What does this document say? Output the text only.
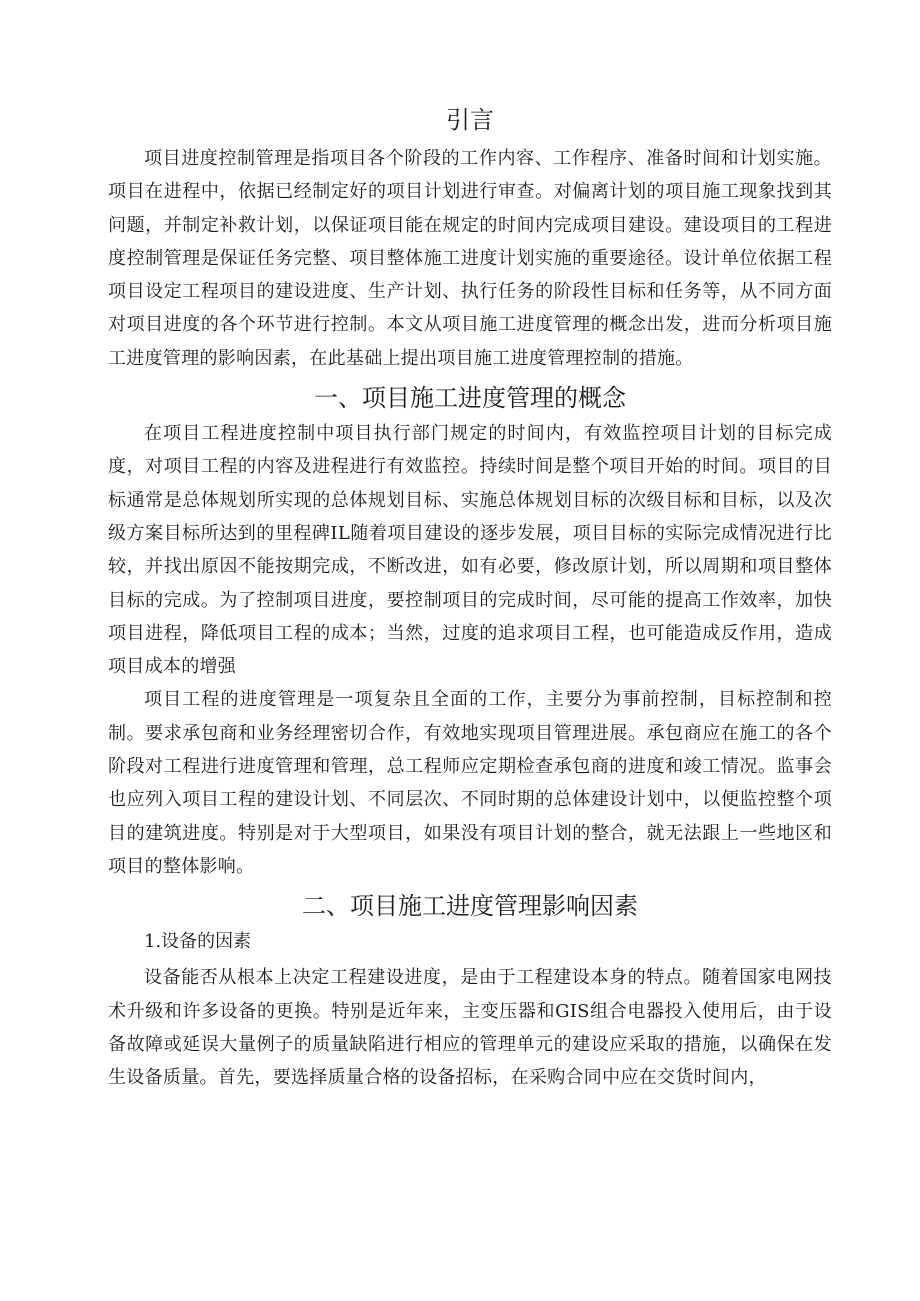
引言

项目进度控制管理是指项目各个阶段的工作内容、工作程序、准备时间和计划实施。项目在进程中，依据已经制定好的项目计划进行审查。对偏离计划的项目施工现象找到其问题，并制定补救计划，以保证项目能在规定的时间内完成项目建设。建设项目的工程进度控制管理是保证任务完整、项目整体施工进度计划实施的重要途径。设计单位依据工程项目设定工程项目的建设进度、生产计划、执行任务的阶段性目标和任务等，从不同方面对项目进度的各个环节进行控制。本文从项目施工进度管理的概念出发，进而分析项目施工进度管理的影响因素，在此基础上提出项目施工进度管理控制的措施。

一、项目施工进度管理的概念

在项目工程进度控制中项目执行部门规定的时间内，有效监控项目计划的目标完成度，对项目工程的内容及进程进行有效监控。持续时间是整个项目开始的时间。项目的目标通常是总体规划所实现的总体规划目标、实施总体规划目标的次级目标和目标，以及次级方案目标所达到的里程碑IL随着项目建设的逐步发展，项目目标的实际完成情况进行比较，并找出原因不能按期完成，不断改进，如有必要，修改原计划，所以周期和项目整体目标的完成。为了控制项目进度，要控制项目的完成时间，尽可能的提高工作效率，加快项目进程，降低项目工程的成本；当然，过度的追求项目工程，也可能造成反作用，造成项目成本的增强

项目工程的进度管理是一项复杂且全面的工作，主要分为事前控制，目标控制和控制。要求承包商和业务经理密切合作，有效地实现项目管理进展。承包商应在施工的各个阶段对工程进行进度管理和管理，总工程师应定期检查承包商的进度和竣工情况。监事会也应列入项目工程的建设计划、不同层次、不同时期的总体建设计划中，以便监控整个项目的建筑进度。特别是对于大型项目，如果没有项目计划的整合，就无法跟上一些地区和项目的整体影响。

二、项目施工进度管理影响因素

1.设备的因素

设备能否从根本上决定工程建设进度，是由于工程建设本身的特点。随着国家电网技术升级和许多设备的更换。特别是近年来，主变压器和GIS组合电器投入使用后，由于设备故障或延误大量例子的质量缺陷进行相应的管理单元的建设应采取的措施，以确保在发生设备质量。首先，要选择质量合格的设备招标，在采购合同中应在交货时间内，
